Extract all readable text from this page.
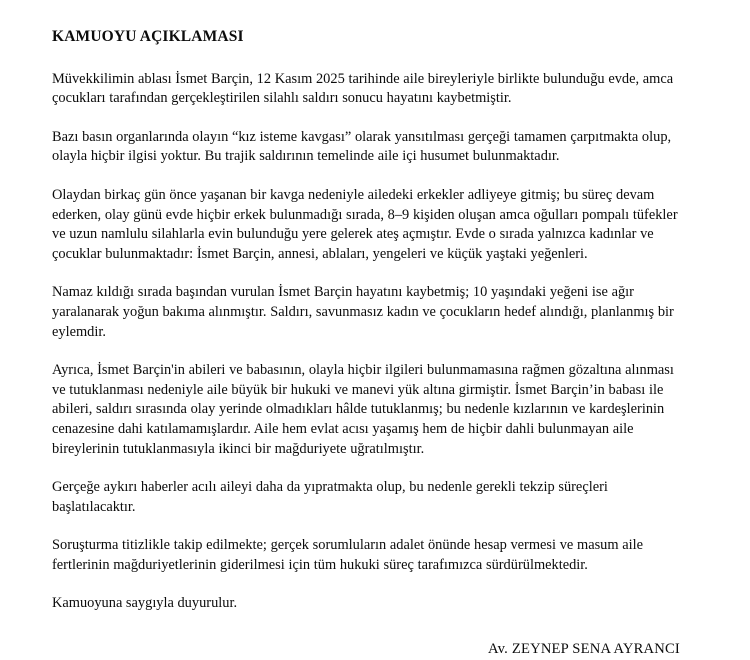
KAMUOYU AÇIKLAMASI

Müvekkilimin ablası İsmet Barçin, 12 Kasım 2025 tarihinde aile bireyleriyle birlikte bulunduğu evde, amca çocukları tarafından gerçekleştirilen silahlı saldırı sonucu hayatını kaybetmiştir.

Bazı basın organlarında olayın “kız isteme kavgası” olarak yansıtılması gerçeği tamamen çarpıtmakta olup, olayla hiçbir ilgisi yoktur. Bu trajik saldırının temelinde aile içi husumet bulunmaktadır.

Olaydan birkaç gün önce yaşanan bir kavga nedeniyle ailedeki erkekler adliyeye gitmiş; bu süreç devam ederken, olay günü evde hiçbir erkek bulunmadığı sırada, 8–9 kişiden oluşan amca oğulları pompalı tüfekler ve uzun namlulu silahlarla evin bulunduğu yere gelerek ateş açmıştır. Evde o sırada yalnızca kadınlar ve çocuklar bulunmaktadır: İsmet Barçin, annesi, ablaları, yengeleri ve küçük yaştaki yeğenleri.

Namaz kıldığı sırada başından vurulan İsmet Barçin hayatını kaybetmiş; 10 yaşındaki yeğeni ise ağır yaralanarak yoğun bakıma alınmıştır. Saldırı, savunmasız kadın ve çocukların hedef alındığı, planlanmış bir eylemdir.

Ayrıca, İsmet Barçin'in abileri ve babasının, olayla hiçbir ilgileri bulunmamasına rağmen gözaltına alınması ve tutuklanması nedeniyle aile büyük bir hukuki ve manevi yük altına girmiştir. İsmet Barçin’in babası ile abileri, saldırı sırasında olay yerinde olmadıkları hâlde tutuklanmış; bu nedenle kızlarının ve kardeşlerinin cenazesine dahi katılamamışlardır. Aile hem evlat acısı yaşamış hem de hiçbir dahli bulunmayan aile bireylerinin tutuklanmasıyla ikinci bir mağduriyete uğratılmıştır.

Gerçeğe aykırı haberler acılı aileyi daha da yıpratmakta olup, bu nedenle gerekli tekzip süreçleri başlatılacaktır.

Soruşturma titizlikle takip edilmekte; gerçek sorumluların adalet önünde hesap vermesi ve masum aile fertlerinin mağduriyetlerinin giderilmesi için tüm hukuki süreç tarafımızca sürdürülmektedir.

Kamuoyuna saygıyla duyurulur.

Av. ZEYNEP SENA AYRANCI
